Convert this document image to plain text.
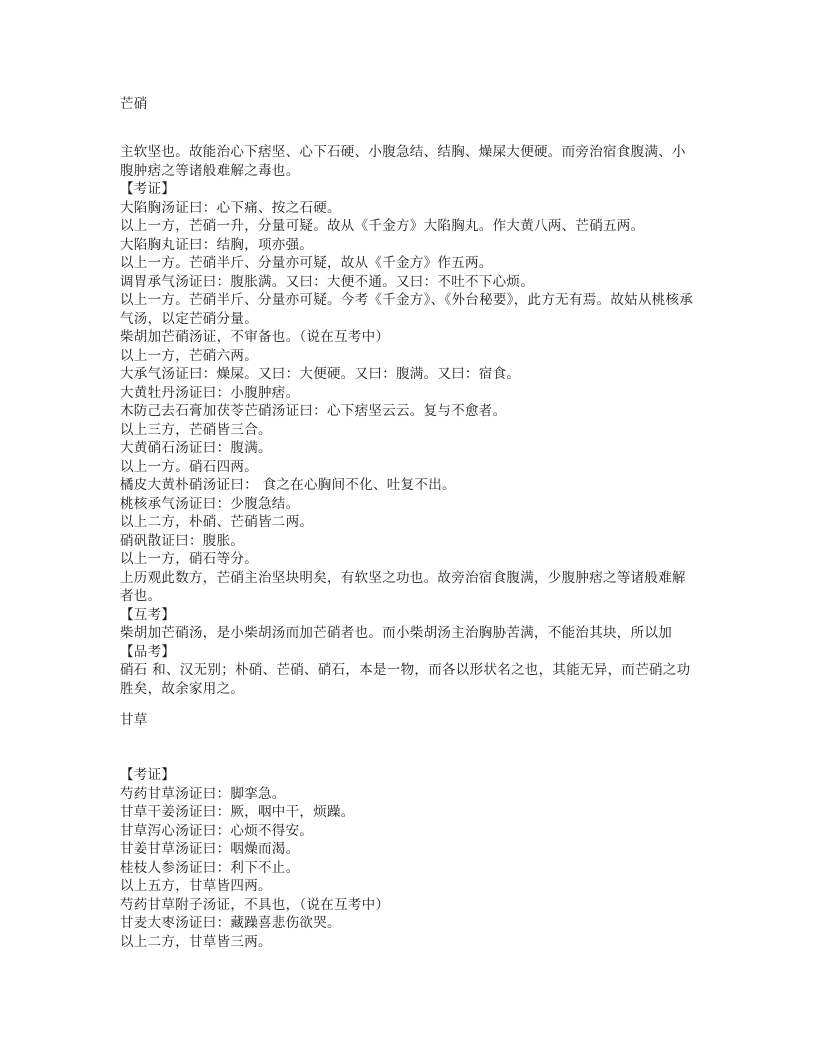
芒硝
主软坚也。故能治心下痞坚、心下石硬、小腹急结、结胸、燥屎大便硬。而旁治宿食腹满、小
腹肿痞之等诸般难解之毒也。
【考证】
大陷胸汤证曰：心下痛、按之石硬。
以上一方，芒硝一升，分量可疑。故从《千金方》大陷胸丸。作大黄八两、芒硝五两。
大陷胸丸证曰：结胸，项亦强。
以上一方。芒硝半斤、分量亦可疑，故从《千金方》作五两。
调胃承气汤证曰：腹胀满。又曰：大便不通。又曰：不吐不下心烦。
以上一方。芒硝半斤、分量亦可疑。今考《千金方》、《外台秘要》，此方无有焉。故姑从桃核承
气汤，以定芒硝分量。
柴胡加芒硝汤证，不审备也。（说在互考中）
以上一方，芒硝六两。
大承气汤证曰：燥屎。又曰：大便硬。又曰：腹满。又曰：宿食。
大黄牡丹汤证曰：小腹肿痞。
木防己去石膏加茯苓芒硝汤证曰：心下痞坚云云。复与不愈者。
以上三方，芒硝皆三合。
大黄硝石汤证曰：腹满。
以上一方。硝石四两。
橘皮大黄朴硝汤证曰： 食之在心胸间不化、吐复不出。
桃核承气汤证曰：少腹急结。
以上二方，朴硝、芒硝皆二两。
硝矾散证曰：腹胀。
以上一方，硝石等分。
上历观此数方，芒硝主治坚块明矣，有软坚之功也。故旁治宿食腹满，少腹肿痞之等诸般难解
者也。
【互考】
柴胡加芒硝汤，是小柴胡汤而加芒硝者也。而小柴胡汤主治胸胁苦满，不能治其块，所以加
【品考】
硝石 和、汉无别；朴硝、芒硝、硝石，本是一物，而各以形状名之也，其能无异，而芒硝之功
胜矣，故余家用之。
甘草
【考证】
芍药甘草汤证曰：脚挛急。
甘草干姜汤证曰：厥，咽中干，烦躁。
甘草泻心汤证曰：心烦不得安。
甘姜甘草汤证曰：咽燥而渴。
桂枝人参汤证曰：利下不止。
以上五方，甘草皆四两。
芍药甘草附子汤证，不具也，（说在互考中）
甘麦大枣汤证曰：藏躁喜悲伤欲哭。
以上二方，甘草皆三两。
